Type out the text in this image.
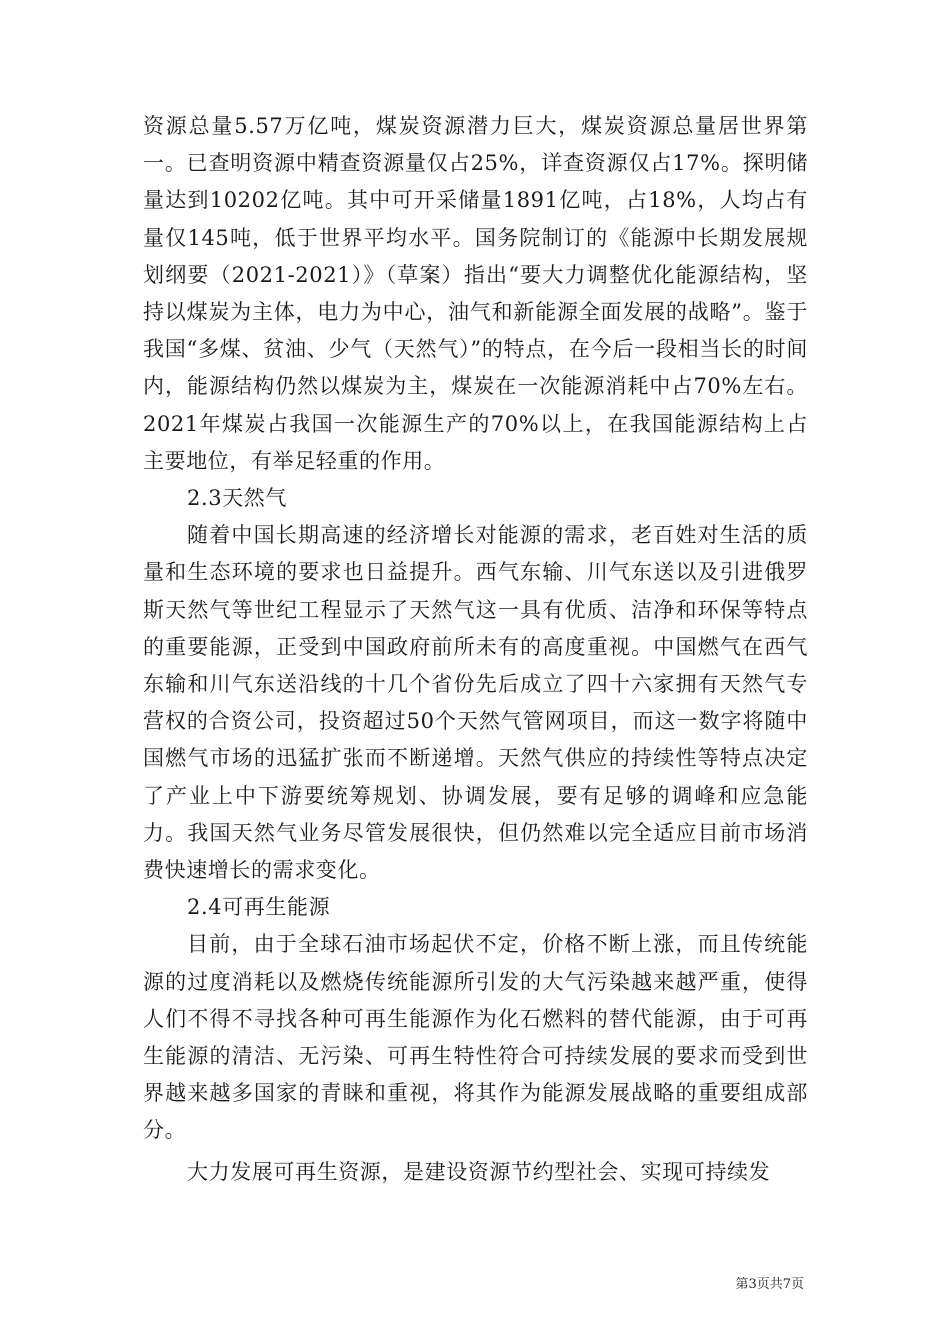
资源总量5.57万亿吨，煤炭资源潜力巨大，煤炭资源总量居世界第一。已查明资源中精查资源量仅占25%，详查资源仅占17%。探明储量达到10202亿吨。其中可开采储量1891亿吨，占18%，人均占有量仅145吨，低于世界平均水平。国务院制订的《能源中长期发展规划纲要（2021-2021）》（草案）指出“要大力调整优化能源结构，坚持以煤炭为主体，电力为中心，油气和新能源全面发展的战略”。鉴于我国“多煤、贫油、少气（天然气）”的特点，在今后一段相当长的时间内，能源结构仍然以煤炭为主，煤炭在一次能源消耗中占70%左右。2021年煤炭占我国一次能源生产的70%以上，在我国能源结构上占主要地位，有举足轻重的作用。

2.3天然气

随着中国长期高速的经济增长对能源的需求，老百姓对生活的质量和生态环境的要求也日益提升。西气东输、川气东送以及引进俄罗斯天然气等世纪工程显示了天然气这一具有优质、洁净和环保等特点的重要能源，正受到中国政府前所未有的高度重视。中国燃气在西气东输和川气东送沿线的十几个省份先后成立了四十六家拥有天然气专营权的合资公司，投资超过50个天然气管网项目，而这一数字将随中国燃气市场的迅猛扩张而不断递增。天然气供应的持续性等特点决定了产业上中下游要统筹规划、协调发展，要有足够的调峰和应急能力。我国天然气业务尽管发展很快，但仍然难以完全适应目前市场消费快速增长的需求变化。

2.4可再生能源

目前，由于全球石油市场起伏不定，价格不断上涨，而且传统能源的过度消耗以及燃烧传统能源所引发的大气污染越来越严重，使得人们不得不寻找各种可再生能源作为化石燃料的替代能源，由于可再生能源的清洁、无污染、可再生特性符合可持续发展的要求而受到世界越来越多国家的青睐和重视，将其作为能源发展战略的重要组成部分。

大力发展可再生资源，是建设资源节约型社会、实现可持续发

第3页共7页
